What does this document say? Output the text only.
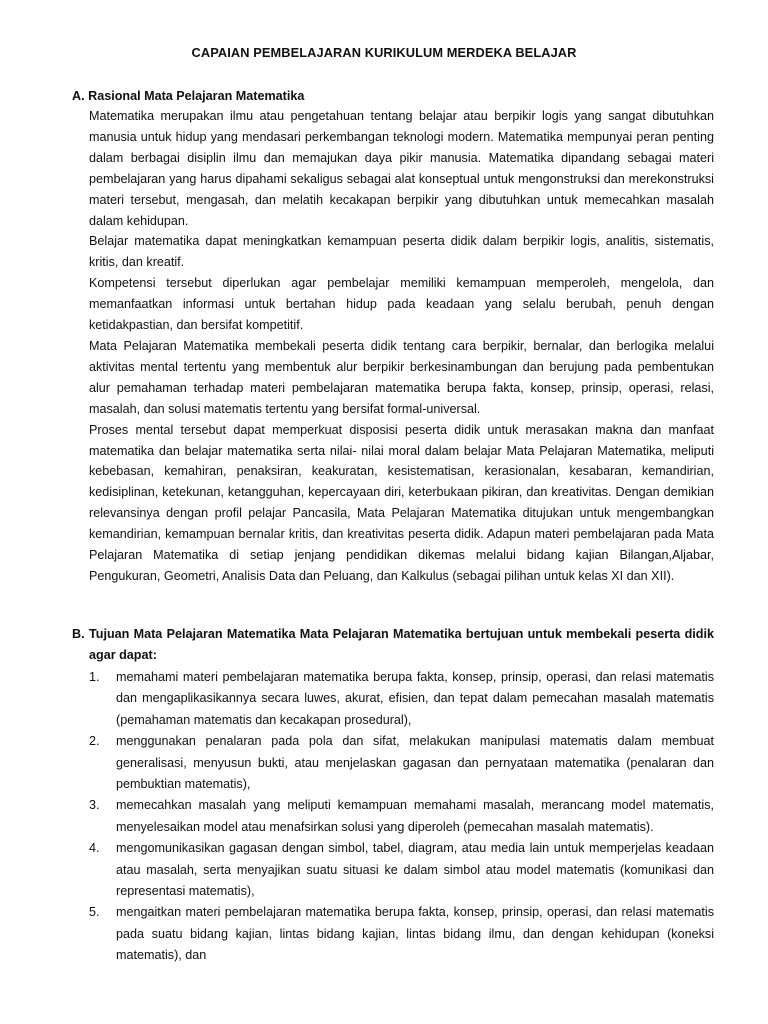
CAPAIAN PEMBELAJARAN KURIKULUM MERDEKA BELAJAR
A. Rasional Mata Pelajaran Matematika

Matematika merupakan ilmu atau pengetahuan tentang belajar atau berpikir logis yang sangat dibutuhkan manusia untuk hidup yang mendasari perkembangan teknologi modern. Matematika mempunyai peran penting dalam berbagai disiplin ilmu dan memajukan daya pikir manusia. Matematika dipandang sebagai materi pembelajaran yang harus dipahami sekaligus sebagai alat konseptual untuk mengonstruksi dan merekonstruksi materi tersebut, mengasah, dan melatih kecakapan berpikir yang dibutuhkan untuk memecahkan masalah dalam kehidupan.

Belajar matematika dapat meningkatkan kemampuan peserta didik dalam berpikir logis, analitis, sistematis, kritis, dan kreatif.

Kompetensi tersebut diperlukan agar pembelajar memiliki kemampuan memperoleh, mengelola, dan memanfaatkan informasi untuk bertahan hidup pada keadaan yang selalu berubah, penuh dengan ketidakpastian, dan bersifat kompetitif.

Mata Pelajaran Matematika membekali peserta didik tentang cara berpikir, bernalar, dan berlogika melalui aktivitas mental tertentu yang membentuk alur berpikir berkesinambungan dan berujung pada pembentukan alur pemahaman terhadap materi pembelajaran matematika berupa fakta, konsep, prinsip, operasi, relasi, masalah, dan solusi matematis tertentu yang bersifat formal-universal.

Proses mental tersebut dapat memperkuat disposisi peserta didik untuk merasakan makna dan manfaat matematika dan belajar matematika serta nilai- nilai moral dalam belajar Mata Pelajaran Matematika, meliputi kebebasan, kemahiran, penaksiran, keakuratan, kesistematisan, kerasionalan, kesabaran, kemandirian, kedisiplinan, ketekunan, ketangguhan, kepercayaan diri, keterbukaan pikiran, dan kreativitas. Dengan demikian relevansinya dengan profil pelajar Pancasila, Mata Pelajaran Matematika ditujukan untuk mengembangkan kemandirian, kemampuan bernalar kritis, dan kreativitas peserta didik. Adapun materi pembelajaran pada Mata Pelajaran Matematika di setiap jenjang pendidikan dikemas melalui bidang kajian Bilangan,Aljabar, Pengukuran, Geometri, Analisis Data dan Peluang, dan Kalkulus (sebagai pilihan untuk kelas XI dan XII).

B. Tujuan Mata Pelajaran Matematika Mata Pelajaran Matematika bertujuan untuk membekali peserta didik agar dapat:
1.	memahami materi pembelajaran matematika berupa fakta, konsep, prinsip, operasi, dan relasi matematis dan mengaplikasikannya secara luwes, akurat, efisien, dan tepat dalam pemecahan masalah matematis (pemahaman matematis dan kecakapan prosedural),
2.	menggunakan penalaran pada pola dan sifat, melakukan manipulasi matematis dalam membuat generalisasi, menyusun bukti, atau menjelaskan gagasan dan pernyataan matematika (penalaran dan pembuktian matematis),
3.	memecahkan masalah yang meliputi kemampuan memahami masalah, merancang model matematis, menyelesaikan model atau menafsirkan solusi yang diperoleh (pemecahan masalah matematis).
4.	mengomunikasikan gagasan dengan simbol, tabel, diagram, atau media lain untuk memperjelas keadaan atau masalah, serta menyajikan suatu situasi ke dalam simbol atau model matematis (komunikasi dan representasi matematis),
5.	mengaitkan materi pembelajaran matematika berupa fakta, konsep, prinsip, operasi, dan relasi matematis pada suatu bidang kajian, lintas bidang kajian, lintas bidang ilmu, dan dengan kehidupan (koneksi matematis), dan
